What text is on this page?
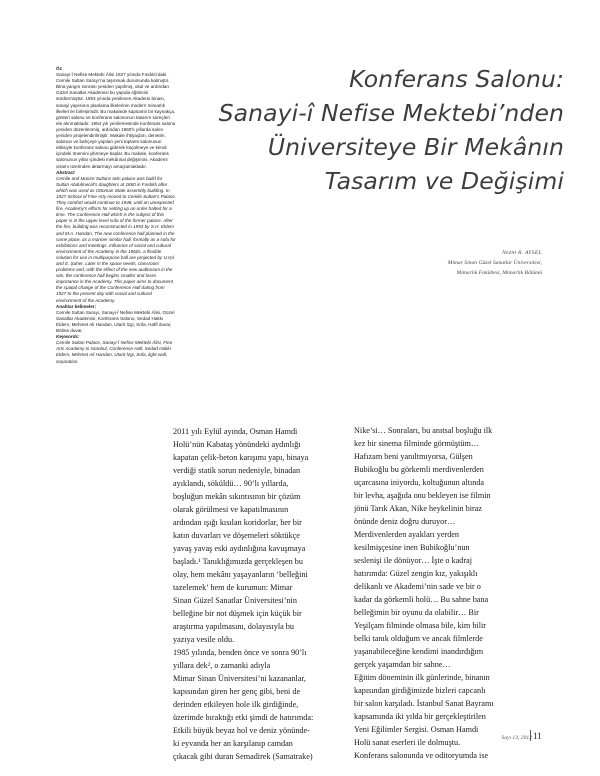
Öz

Sanayi-î Nefise Mektebi Âlisi 1927 yılında Fındıklı’daki Cemile Sultan Sarayı’na taşınmak durumunda kalmıştır. Bina yangın sonrası yeniden yapılmış, okul ve ardından Güzel Sanatlar Akademisi bu yapıda eğitimini sürdürmüştür. 1953 yılında yenilenen Akademi binası, sanayi yapısının planlama ilkelerinin modern mimarlık ilkeleri ile birleşimidir. Bu makalede kapsamlı bir kaynakça, gösteri salonu ve konferans salonunun tasarım süreçleri ele alınmaktadır. 1954 yılı yenilemesinde konferans salonu yeniden düzenlenmiş, ardından 1960’lı yıllarda salon yeniden projelendirilmiştir. Makale ihtiyaçları, denetim, salonun ve bahçeye yapılan yeni toplantı salonunun etkisiyle konferans salonu giderek küçülmeye ve kendi içindeki önemini yitirmeye başlar. Bu makale, konferans salonunun yıllar içindeki mekânsal değişimini, Akademi ortamı üzerinden aktarmayı amaçlamaktadır.

Abstract

Cemile and Munire Sultans twin palace was build for Sultan Abdulmecid’s daughters at 1860 in Fındıklı after which was used as Ottoman State assembly building. In 1927 School of Fine Arty moved to Cemile Sultan’s Palace. They comfort would continue to 1948, until an unexpected fire, Academy’s efforts for setting up an order halted for a time. The Conference Hall which is the subject of this paper is in the upper level sofa of the former palace. After the fire, building was reconstructed in 1953 by S.H. Eldem and M.A. Handan. The new conference hall planned in the same place, as a manner similar hall, formally as a sofa for exhibitions and meetings. Influence of social and cultural environment of the Academy in the 1960s, a flexible solution for use in multipurpose hall are projected by U.Işıl and E. Şuher. Later in the space needs, classroom problems and, with the effect of the new auditorium in the site, the conference hall begins smaller and loses importance in the Academy. This paper aims to document the spatial change of the Conference Hall dating from 1927 to the present day with social and cultural environment of the Academy.

Anahtar kelimeler:

Cemile Sultan Sarayı, Sanayi-î Nefise Mektebi Âlisi, Güzel Sanatlar Akademisi, Konferans Salonu, Sedad Hakkı Eldem, Mehmet Ali Handan, Utarit İzgi, Sofa, Hafif duvar, Bölme duvar.

Keywords:

Cemile Sultan Palace, Sanayi-î Nefise Mektebi Âlisi, Fine Arts Academy in Istanbul, Conference Hall, Sedad Hakkı Eldem, Mehmet Ali Handan, Utarit İzgi, Sofa, light wall, separation.

Konferans Salonu:
Sanayi-î Nefise Mektebi’nden
Üniversiteye Bir Mekânın
Tasarım ve Değişimi
Nezih R. AYSEL
Mimar Sinan Güzel Sanatlar Üniversitesi,
Mimarlık Fakültesi, Mimarlık Bölümü
2011 yılı Eylül ayında, Osman Hamdi
Holü’nün Kabataş yönündeki aydınlığı
kapatan çelik-beton karışımı yapı, binaya
verdiği statik sorun nedeniyle, binadan
ayıklandı, söküldü… 90’lı yıllarda,
boşluğun mekân sıkıntısının bir çözüm
olarak görülmesi ve kapatılmasının
ardından ışığı kısılan koridorlar, her bir
katın duvarları ve döşemeleri söktükçe
yavaş yavaş eski aydınlığına kavuşmaya
başladı.¹ Tanıklığımızda gerçekleşen bu
olay, hem mekânı yaşayanların ‘belleğini
tazelemek’ hem de kurumun: Mimar
Sinan Güzel Sanatlar Üniversitesi’nin
belleğine bir not düşmek için küçük bir
araştırma yapılmasını, dolayısıyla bu
yazıya vesile oldu.
1985 yılında, benden önce ve sonra 90’lı
yıllara dek², o zamanki adıyla
Mimar Sinan Üniversitesi’ni kazananlar,
kapısından giren her genç gibi, beni de
derinden etkileyen hole ilk girdiğinde,
üzerimde bıraktığı etki şimdi de hatırımda:
Etkili büyük beyaz hol ve deniz yönünde-
ki eyvanda her an karşılanıp camdan
çıkacak gibi duran Semadirek (Samatrake)
Nike’si… Sonraları, bu anıtsal boşluğu ilk
kez bir sinema filminde görmüştüm…
Hafızam beni yanıltmıyorsa, Gülşen
Bubikoğlu bu görkemli merdivenlerden
uçarcasına iniyordu, koltuğunun altında
bir levha, aşağıda onu bekleyen ise filmin
jönü Tarık Akan, Nike heykelinin biraz
önünde deniz doğru duruyor…
Merdivenlerden ayakları yerden
kesilmişçesine inen Bubikoğlu’nun
seslenişi ile dönüyor… İşte o kadraj
hatırımda: Güzel zengin kız, yakışıklı
delikanlı ve Akademi’nin sade ve bir o
kadar da görkemli holü… Bu sahne bana
belleğimin bir oyunu da olabilir… Bir
Yeşilçam filminde olmasa bile, kim bilir
belki tanık olduğum ve ancak filmlerde
yaşanabileceğine kendimi inandırdığım
gerçek yaşamdan bir sahne…
Eğitim döneminin ilk günlerinde, binanın
kapısından girdiğimizde bizleri capcanlı
bir salon karşıladı. İstanbul Sanat Bayramı
kapsamında iki yılda bir gerçekleştirilen
Yeni Eğilimler Sergisi. Osman Hamdi
Holü sanat eserleri ile dolmuştu.
Konferans salonunda ve oditoryumda ise
Sayı 13, 2012 11
